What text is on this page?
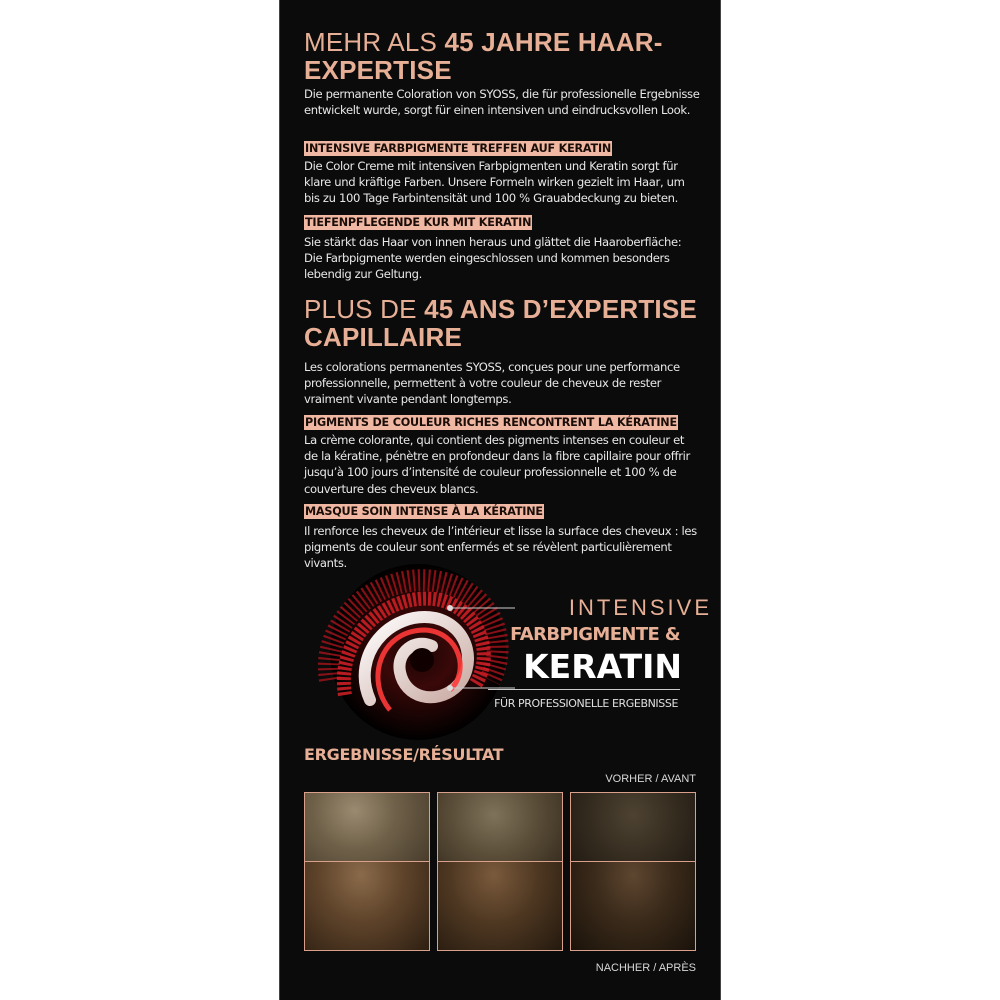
MEHR ALS 45 JAHRE HAAR-
EXPERTISE
Die permanente Coloration von SYOSS, die für professionelle Ergebnisse entwickelt wurde, sorgt für einen intensiven und eindrucksvollen Look.
INTENSIVE FARBPIGMENTE TREFFEN AUF KERATIN
Die Color Creme mit intensiven Farbpigmenten und Keratin sorgt für klare und kräftige Farben. Unsere Formeln wirken gezielt im Haar, um bis zu 100 Tage Farbintensität und 100 % Grauabdeckung zu bieten.
TIEFENPFLEGENDE KUR MIT KERATIN
Sie stärkt das Haar von innen heraus und glättet die Haaroberfläche: Die Farbpigmente werden eingeschlossen und kommen besonders lebendig zur Geltung.
PLUS DE 45 ANS D’EXPERTISE
CAPILLAIRE
Les colorations permanentes SYOSS, conçues pour une performance professionnelle, permettent à votre couleur de cheveux de rester vraiment vivante pendant longtemps.
PIGMENTS DE COULEUR RICHES RENCONTRENT LA KÉRATINE
La crème colorante, qui contient des pigments intenses en couleur et de la kératine, pénètre en profondeur dans la fibre capillaire pour offrir jusqu’à 100 jours d’intensité de couleur professionnelle et 100 % de couverture des cheveux blancs.
MASQUE SOIN INTENSE À LA KÉRATINE
Il renforce les cheveux de l’intérieur et lisse la surface des cheveux : les pigments de couleur sont enfermés et se révèlent particulièrement vivants.
INTENSIVE
FARBPIGMENTE &
KERATIN
FÜR PROFESSIONELLE ERGEBNISSE
ERGEBNISSE/RÉSULTAT
VORHER / AVANT
NACHHER / APRÈS
